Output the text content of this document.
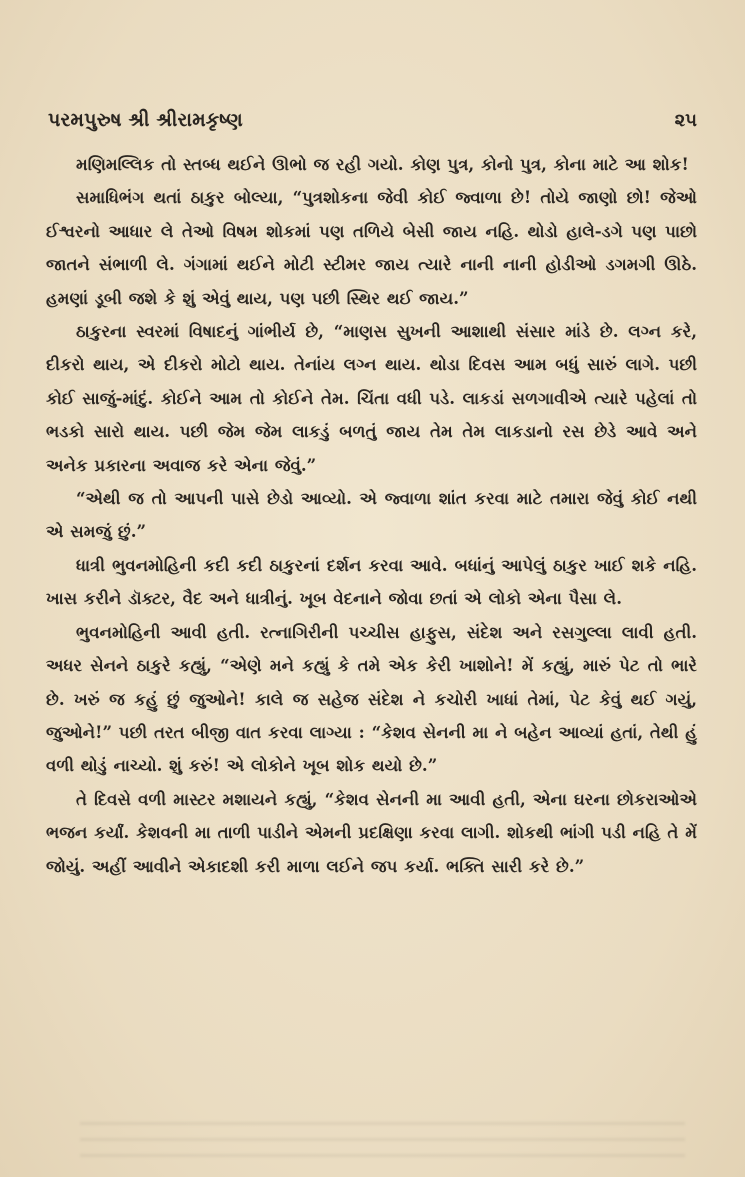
પરમપુરુષ શ્રી શ્રીરામકૃષ્ણ	૨૫

મણિમલ્લિક તો સ્તબ્ધ થઈને ઊભો જ રહી ગયો. કોણ પુત્ર, કોનો પુત્ર, કોના માટે આ શોક!

સમાધિભંગ થતાં ઠાકુર બોલ્યા, “પુત્રશોકના જેવી કોઈ જ્વાળા છે! તોયે જાણો છો! જેઓ ઈશ્વરનો આધાર લે તેઓ વિષમ શોકમાં પણ તળિયે બેસી જાય નહિ. થોડો હાલે-ડગે પણ પાછો જાતને સંભાળી લે. ગંગામાં થઈને મોટી સ્ટીમર જાય ત્યારે નાની નાની હોડીઓ ડગમગી ઊઠે. હમણાં ડૂબી જશે કે શું એવું થાય, પણ પછી સ્થિર થઈ જાય.”

ઠાકુરના સ્વરમાં વિષાદનું ગાંભીર્ય છે, “માણસ સુખની આશાથી સંસાર માંડે છે. લગ્ન કરે, દીકરો થાય, એ દીકરો મોટો થાય. તેનાંય લગ્ન થાય. થોડા દિવસ આમ બધું સારું લાગે. પછી કોઈ સાજું-માંદું. કોઈને આમ તો કોઈને તેમ. ચિંતા વધી પડે. લાકડાં સળગાવીએ ત્યારે પહેલાં તો ભડકો સારો થાય. પછી જેમ જેમ લાકડું બળતું જાય તેમ તેમ લાકડાનો રસ છેડે આવે અને અનેક પ્રકારના અવાજ કરે એના જેવું.”

“એથી જ તો આપની પાસે છેડો આવ્યો. એ જ્વાળા શાંત કરવા માટે તમારા જેવું કોઈ નથી એ સમજું છું.”

ધાત્રી ભુવનમોહિની કદી કદી ઠાકુરનાં દર્શન કરવા આવે. બધાંનું આપેલું ઠાકુર ખાઈ શકે નહિ. ખાસ કરીને ડૉક્ટર, વૈદ અને ધાત્રીનું. ખૂબ વેદનાને જોવા છતાં એ લોકો એના પૈસા લે.

ભુવનમોહિની આવી હતી. રત્નાગિરીની પચ્ચીસ હાફુસ, સંદેશ અને રસગુલ્લા લાવી હતી. અધર સેનને ઠાકુરે કહ્યું, “એણે મને કહ્યું કે તમે એક કેરી ખાશોને! મેં કહ્યું, મારું પેટ તો ભારે છે. ખરું જ કહું છું જુઓને! કાલે જ સહેજ સંદેશ ને કચોરી ખાધાં તેમાં, પેટ કેવું થઈ ગયું, જુઓને!” પછી તરત બીજી વાત કરવા લાગ્યા : “કેશવ સેનની મા ને બહેન આવ્યાં હતાં, તેથી હું વળી થોડું નાચ્યો. શું કરું! એ લોકોને ખૂબ શોક થયો છે.”

તે દિવસે વળી માસ્ટર મશાયને કહ્યું, “કેશવ સેનની મા આવી હતી, એના ઘરના છોકરાઓએ ભજન કર્યાં. કેશવની મા તાળી પાડીને એમની પ્રદક્ષિણા કરવા લાગી. શોકથી ભાંગી પડી નહિ તે મેં જોયું. અહીં આવીને એકાદશી કરી માળા લઈને જપ કર્યા. ભક્તિ સારી કરે છે.”
